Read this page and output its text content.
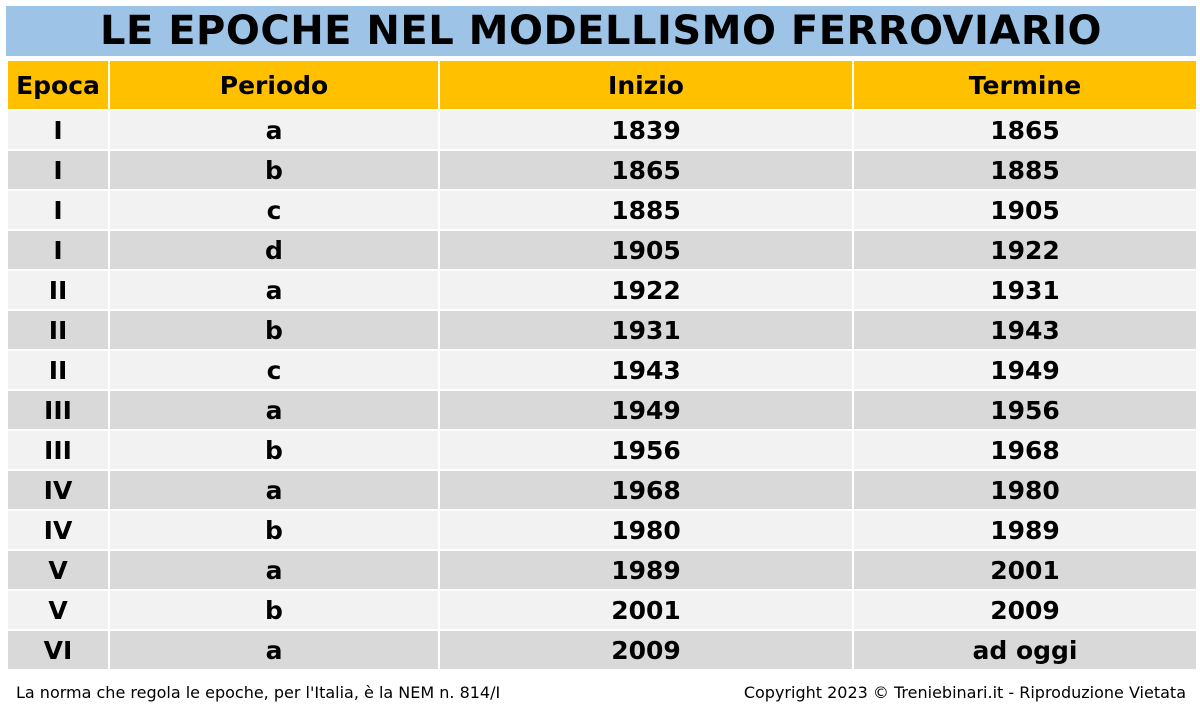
LE EPOCHE NEL MODELLISMO FERROVIARIO
Epoca	Periodo	Inizio	Termine
I	a	1839	1865
I	b	1865	1885
I	c	1885	1905
I	d	1905	1922
II	a	1922	1931
II	b	1931	1943
II	c	1943	1949
III	a	1949	1956
III	b	1956	1968
IV	a	1968	1980
IV	b	1980	1989
V	a	1989	2001
V	b	2001	2009
VI	a	2009	ad oggi
La norma che regola le epoche, per l'Italia, è la NEM n. 814/I	Copyright 2023 © Treniebinari.it - Riproduzione Vietata
